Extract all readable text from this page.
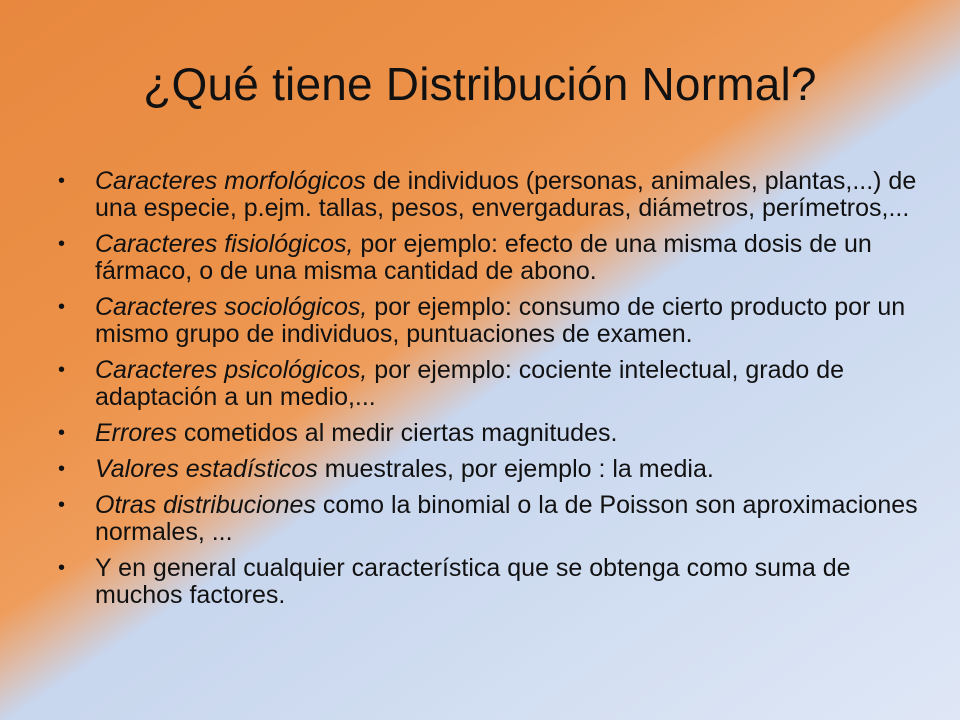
¿Qué tiene Distribución Normal?
• Caracteres morfológicos de individuos (personas, animales, plantas,...) de una especie, p.ejm. tallas, pesos, envergaduras, diámetros, perímetros,...
• Caracteres fisiológicos, por ejemplo: efecto de una misma dosis de un fármaco, o de una misma cantidad de abono.
• Caracteres sociológicos, por ejemplo: consumo de cierto producto por un mismo grupo de individuos, puntuaciones de examen.
• Caracteres psicológicos, por ejemplo: cociente intelectual, grado de adaptación a un medio,...
• Errores cometidos al medir ciertas magnitudes.
• Valores estadísticos muestrales, por ejemplo : la media.
• Otras distribuciones como la binomial o la de Poisson son aproximaciones normales, ...
• Y en general cualquier característica que se obtenga como suma de muchos factores.
